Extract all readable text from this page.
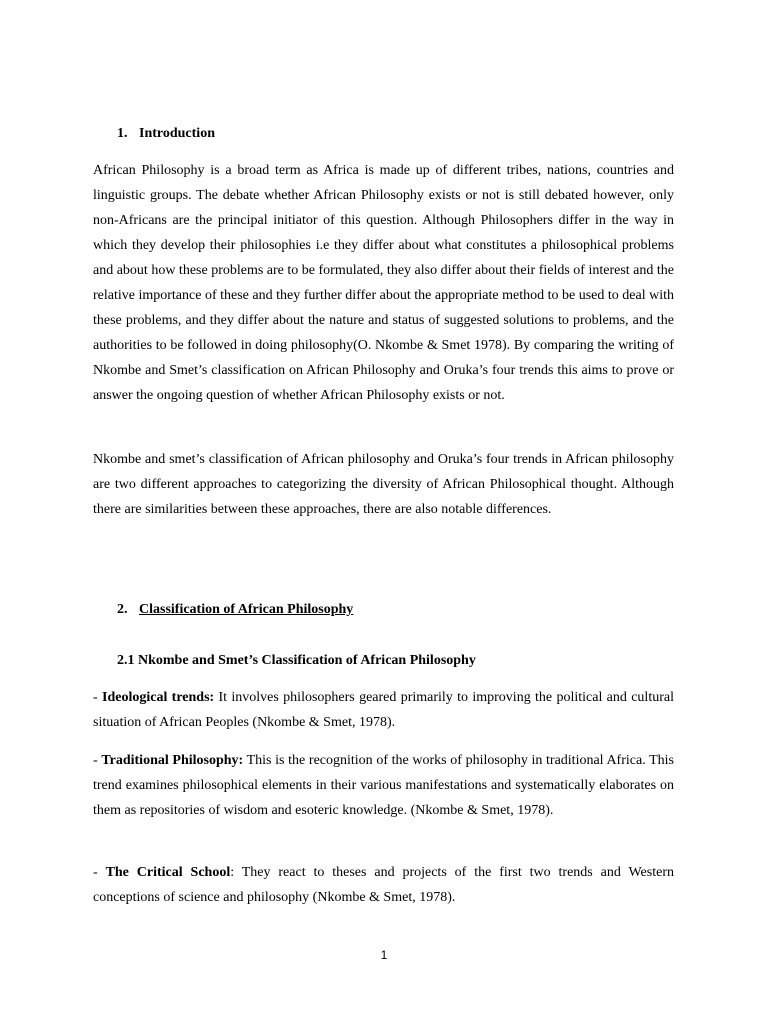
1. Introduction

African Philosophy is a broad term as Africa is made up of different tribes, nations, countries and linguistic groups. The debate whether African Philosophy exists or not is still debated however, only non-Africans are the principal initiator of this question. Although Philosophers differ in the way in which they develop their philosophies i.e they differ about what constitutes a philosophical problems and about how these problems are to be formulated, they also differ about their fields of interest and the relative importance of these and they further differ about the appropriate method to be used to deal with these problems, and they differ about the nature and status of suggested solutions to problems, and the authorities to be followed in doing philosophy(O. Nkombe & Smet 1978). By comparing the writing of Nkombe and Smet’s classification on African Philosophy and Oruka’s four trends this aims to prove or answer the ongoing question of whether African Philosophy exists or not.

Nkombe and smet’s classification of African philosophy and Oruka’s four trends in African philosophy are two different approaches to categorizing the diversity of African Philosophical thought. Although there are similarities between these approaches, there are also notable differences.

2. Classification of African Philosophy
2.1 Nkombe and Smet’s Classification of African Philosophy

- Ideological trends: It involves philosophers geared primarily to improving the political and cultural situation of African Peoples (Nkombe & Smet, 1978).

- Traditional Philosophy: This is the recognition of the works of philosophy in traditional Africa. This trend examines philosophical elements in their various manifestations and systematically elaborates on them as repositories of wisdom and esoteric knowledge. (Nkombe & Smet, 1978).

- The Critical School: They react to theses and projects of the first two trends and Western conceptions of science and philosophy (Nkombe & Smet, 1978).

1
